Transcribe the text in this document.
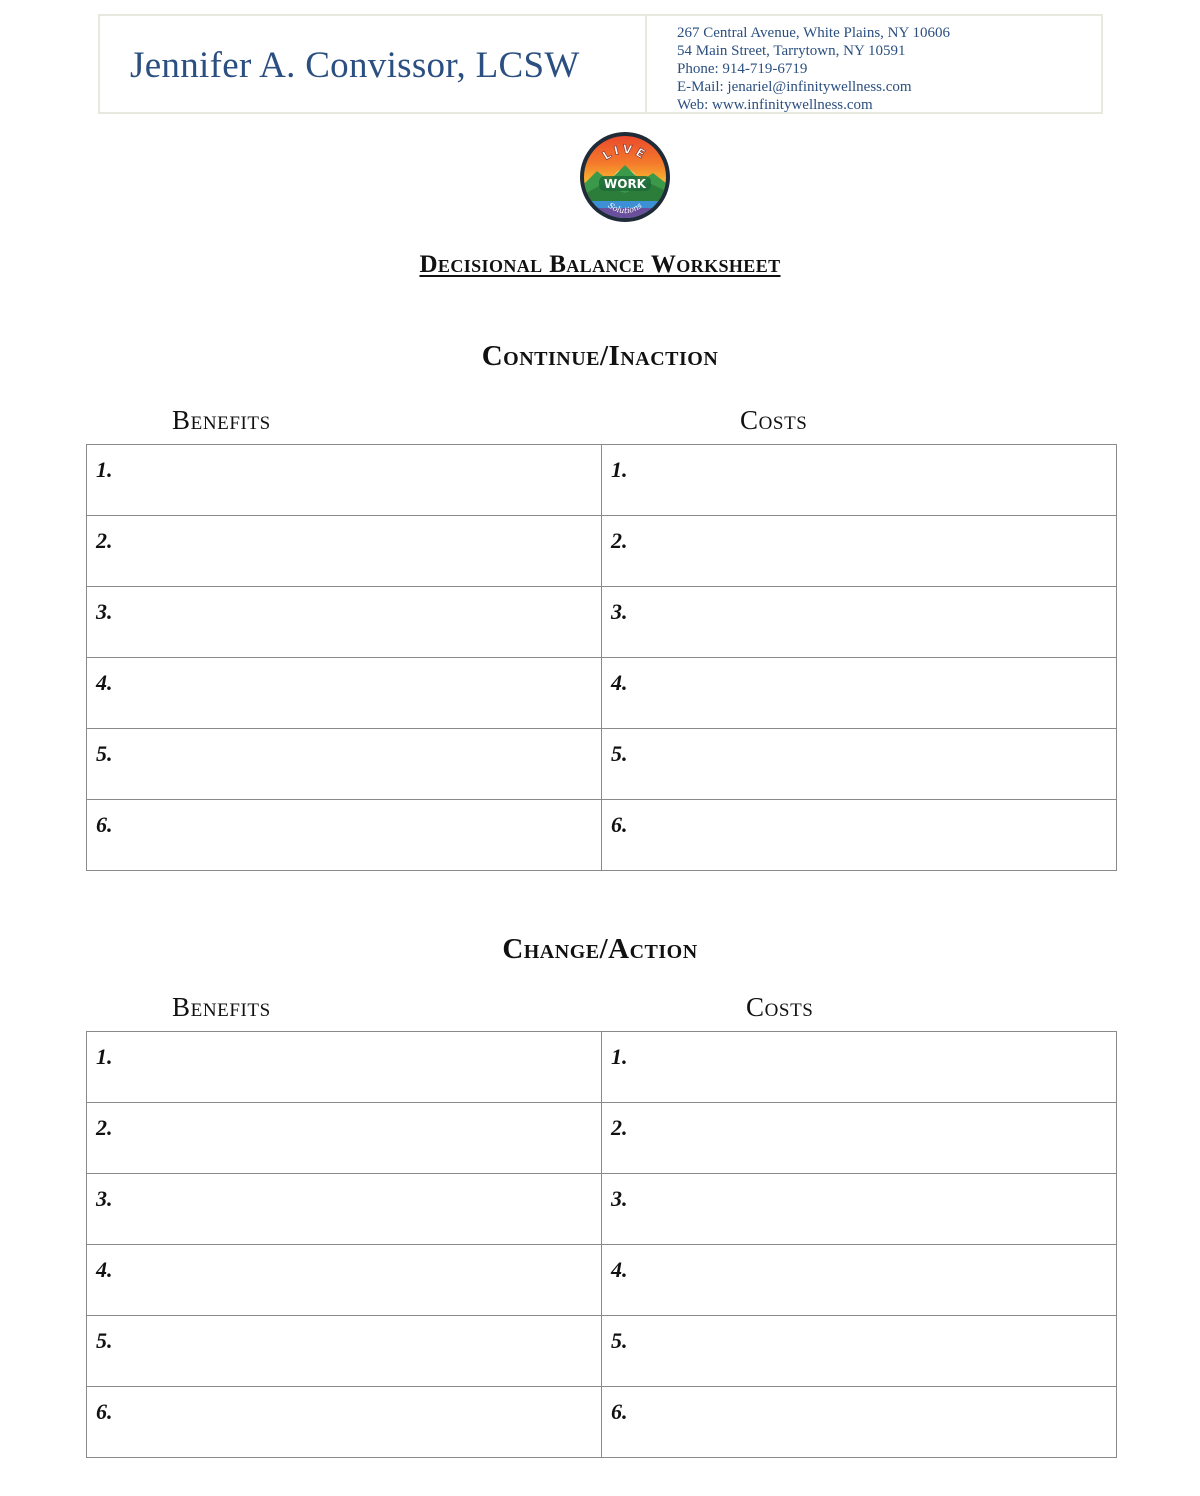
Jennifer A. Convissor, LCSW
267 Central Avenue, White Plains, NY 10606
54 Main Street, Tarrytown, NY 10591
Phone: 914-719-6719
E-Mail: jenariel@infinitywellness.com
Web: www.infinitywellness.com
LIVE
WORK
Solutions
Decisional Balance Worksheet
Continue/Inaction
Benefits	Costs
1.	1.
2.	2.
3.	3.
4.	4.
5.	5.
6.	6.
Change/Action
Benefits	Costs
1.	1.
2.	2.
3.	3.
4.	4.
5.	5.
6.	6.
